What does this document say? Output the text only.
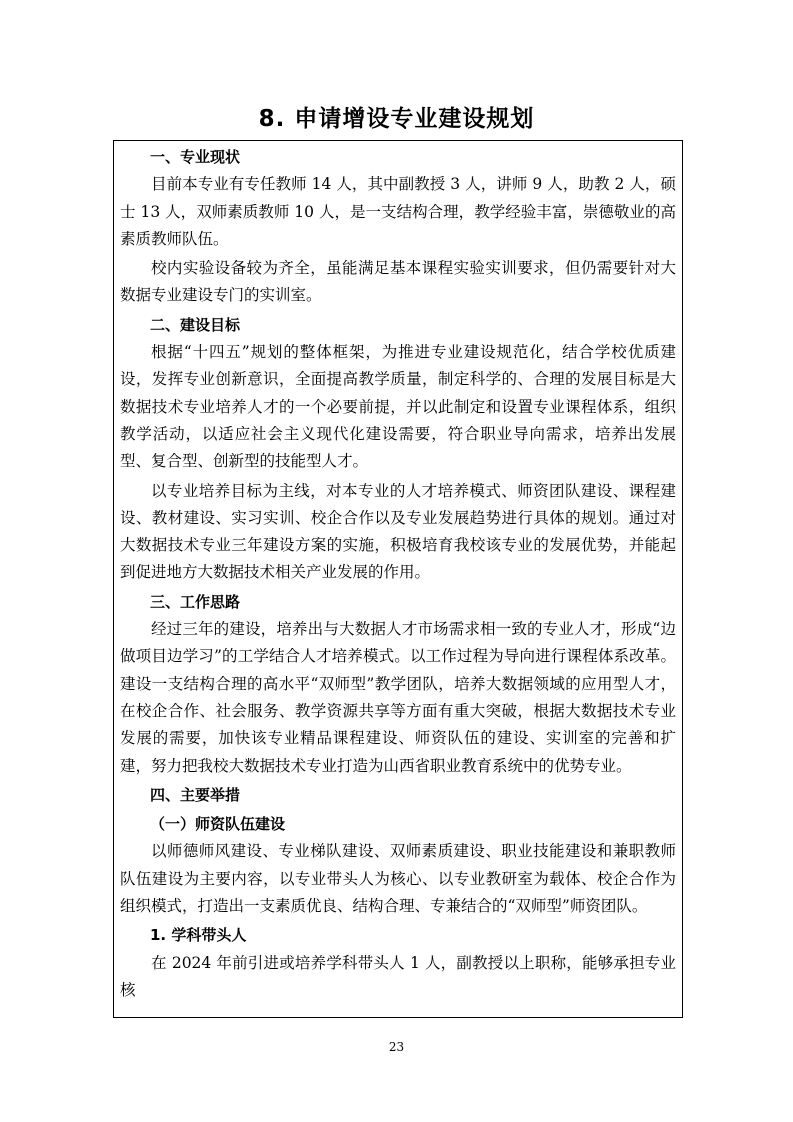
8. 申请增设专业建设规划

一、专业现状

目前本专业有专任教师 14 人，其中副教授 3 人，讲师 9 人，助教 2 人，硕士 13 人，双师素质教师 10 人，是一支结构合理，教学经验丰富，崇德敬业的高素质教师队伍。

校内实验设备较为齐全，虽能满足基本课程实验实训要求，但仍需要针对大数据专业建设专门的实训室。

二、建设目标

根据“十四五”规划的整体框架，为推进专业建设规范化，结合学校优质建设，发挥专业创新意识，全面提高教学质量，制定科学的、合理的发展目标是大数据技术专业培养人才的一个必要前提，并以此制定和设置专业课程体系，组织教学活动，以适应社会主义现代化建设需要，符合职业导向需求，培养出发展型、复合型、创新型的技能型人才。

以专业培养目标为主线，对本专业的人才培养模式、师资团队建设、课程建设、教材建设、实习实训、校企合作以及专业发展趋势进行具体的规划。通过对大数据技术专业三年建设方案的实施，积极培育我校该专业的发展优势，并能起到促进地方大数据技术相关产业发展的作用。

三、工作思路

经过三年的建设，培养出与大数据人才市场需求相一致的专业人才，形成“边做项目边学习”的工学结合人才培养模式。以工作过程为导向进行课程体系改革。建设一支结构合理的高水平“双师型”教学团队，培养大数据领域的应用型人才，在校企合作、社会服务、教学资源共享等方面有重大突破，根据大数据技术专业发展的需要，加快该专业精品课程建设、师资队伍的建设、实训室的完善和扩建，努力把我校大数据技术专业打造为山西省职业教育系统中的优势专业。

四、主要举措

（一）师资队伍建设

以师德师风建设、专业梯队建设、双师素质建设、职业技能建设和兼职教师队伍建设为主要内容，以专业带头人为核心、以专业教研室为载体、校企合作为组织模式，打造出一支素质优良、结构合理、专兼结合的“双师型”师资团队。

1. 学科带头人

在 2024 年前引进或培养学科带头人 1 人，副教授以上职称，能够承担专业核

23
